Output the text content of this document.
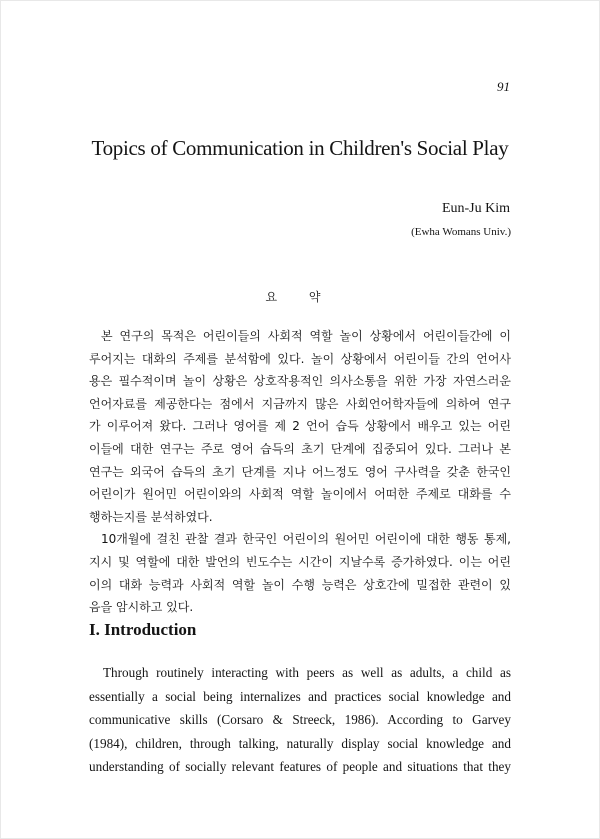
91
Topics of Communication in Children's Social Play
Eun-Ju Kim
(Ewha Womans Univ.)
요 약
본 연구의 목적은 어린이들의 사회적 역할 놀이 상황에서 어린이들간에 이
루어지는 대화의 주제를 분석함에 있다. 놀이 상황에서 어린이들 간의 언어사
용은 필수적이며 놀이 상황은 상호작용적인 의사소통을 위한 가장 자연스러운
언어자료를 제공한다는 점에서 지금까지 많은 사회언어학자들에 의하여 연구
가 이루어져 왔다. 그러나 영어를 제 2 언어 습득 상황에서 배우고 있는 어린
이들에 대한 연구는 주로 영어 습득의 초기 단계에 집중되어 있다. 그러나 본
연구는 외국어 습득의 초기 단계를 지나 어느정도 영어 구사력을 갖춘 한국인
어린이가 원어민 어린이와의 사회적 역할 놀이에서 어떠한 주제로 대화를 수
행하는지를 분석하였다.
10개월에 걸친 관찰 결과 한국인 어린이의 원어민 어린이에 대한 행동 통제,
지시 및 역할에 대한 발언의 빈도수는 시간이 지날수록 증가하였다. 이는 어린
이의 대화 능력과 사회적 역할 놀이 수행 능력은 상호간에 밀접한 관련이 있
음을 암시하고 있다.
I. Introduction
Through routinely interacting with peers as well as adults, a child as
essentially a social being internalizes and practices social knowledge and
communicative skills (Corsaro & Streeck, 1986). According to Garvey
(1984), children, through talking, naturally display social knowledge and
understanding of socially relevant features of people and situations that they
